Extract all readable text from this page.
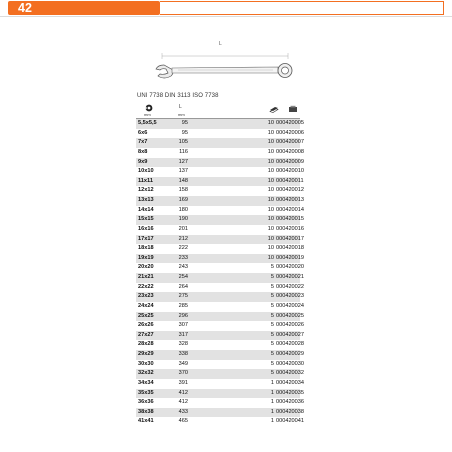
42
L
UNI 7738 DIN 3113 ISO 7738
mm
L
mm
5,5x5,5	95	10 000420005
6x6	95	10 000420006
7x7	105	10 000420007
8x8	116	10 000420008
9x9	127	10 000420009
10x10	137	10 000420010
11x11	148	10 000420011
12x12	158	10 000420012
13x13	169	10 000420013
14x14	180	10 000420014
15x15	190	10 000420015
16x16	201	10 000420016
17x17	212	10 000420017
18x18	222	10 000420018
19x19	233	10 000420019
20x20	243	5 000420020
21x21	254	5 000420021
22x22	264	5 000420022
23x23	275	5 000420023
24x24	285	5 000420024
25x25	296	5 000420025
26x26	307	5 000420026
27x27	317	5 000420027
28x28	328	5 000420028
29x29	338	5 000420029
30x30	349	5 000420030
32x32	370	5 000420032
34x34	391	1 000420034
35x35	412	1 000420035
36x36	412	1 000420036
38x38	433	1 000420038
41x41	465	1 000420041
